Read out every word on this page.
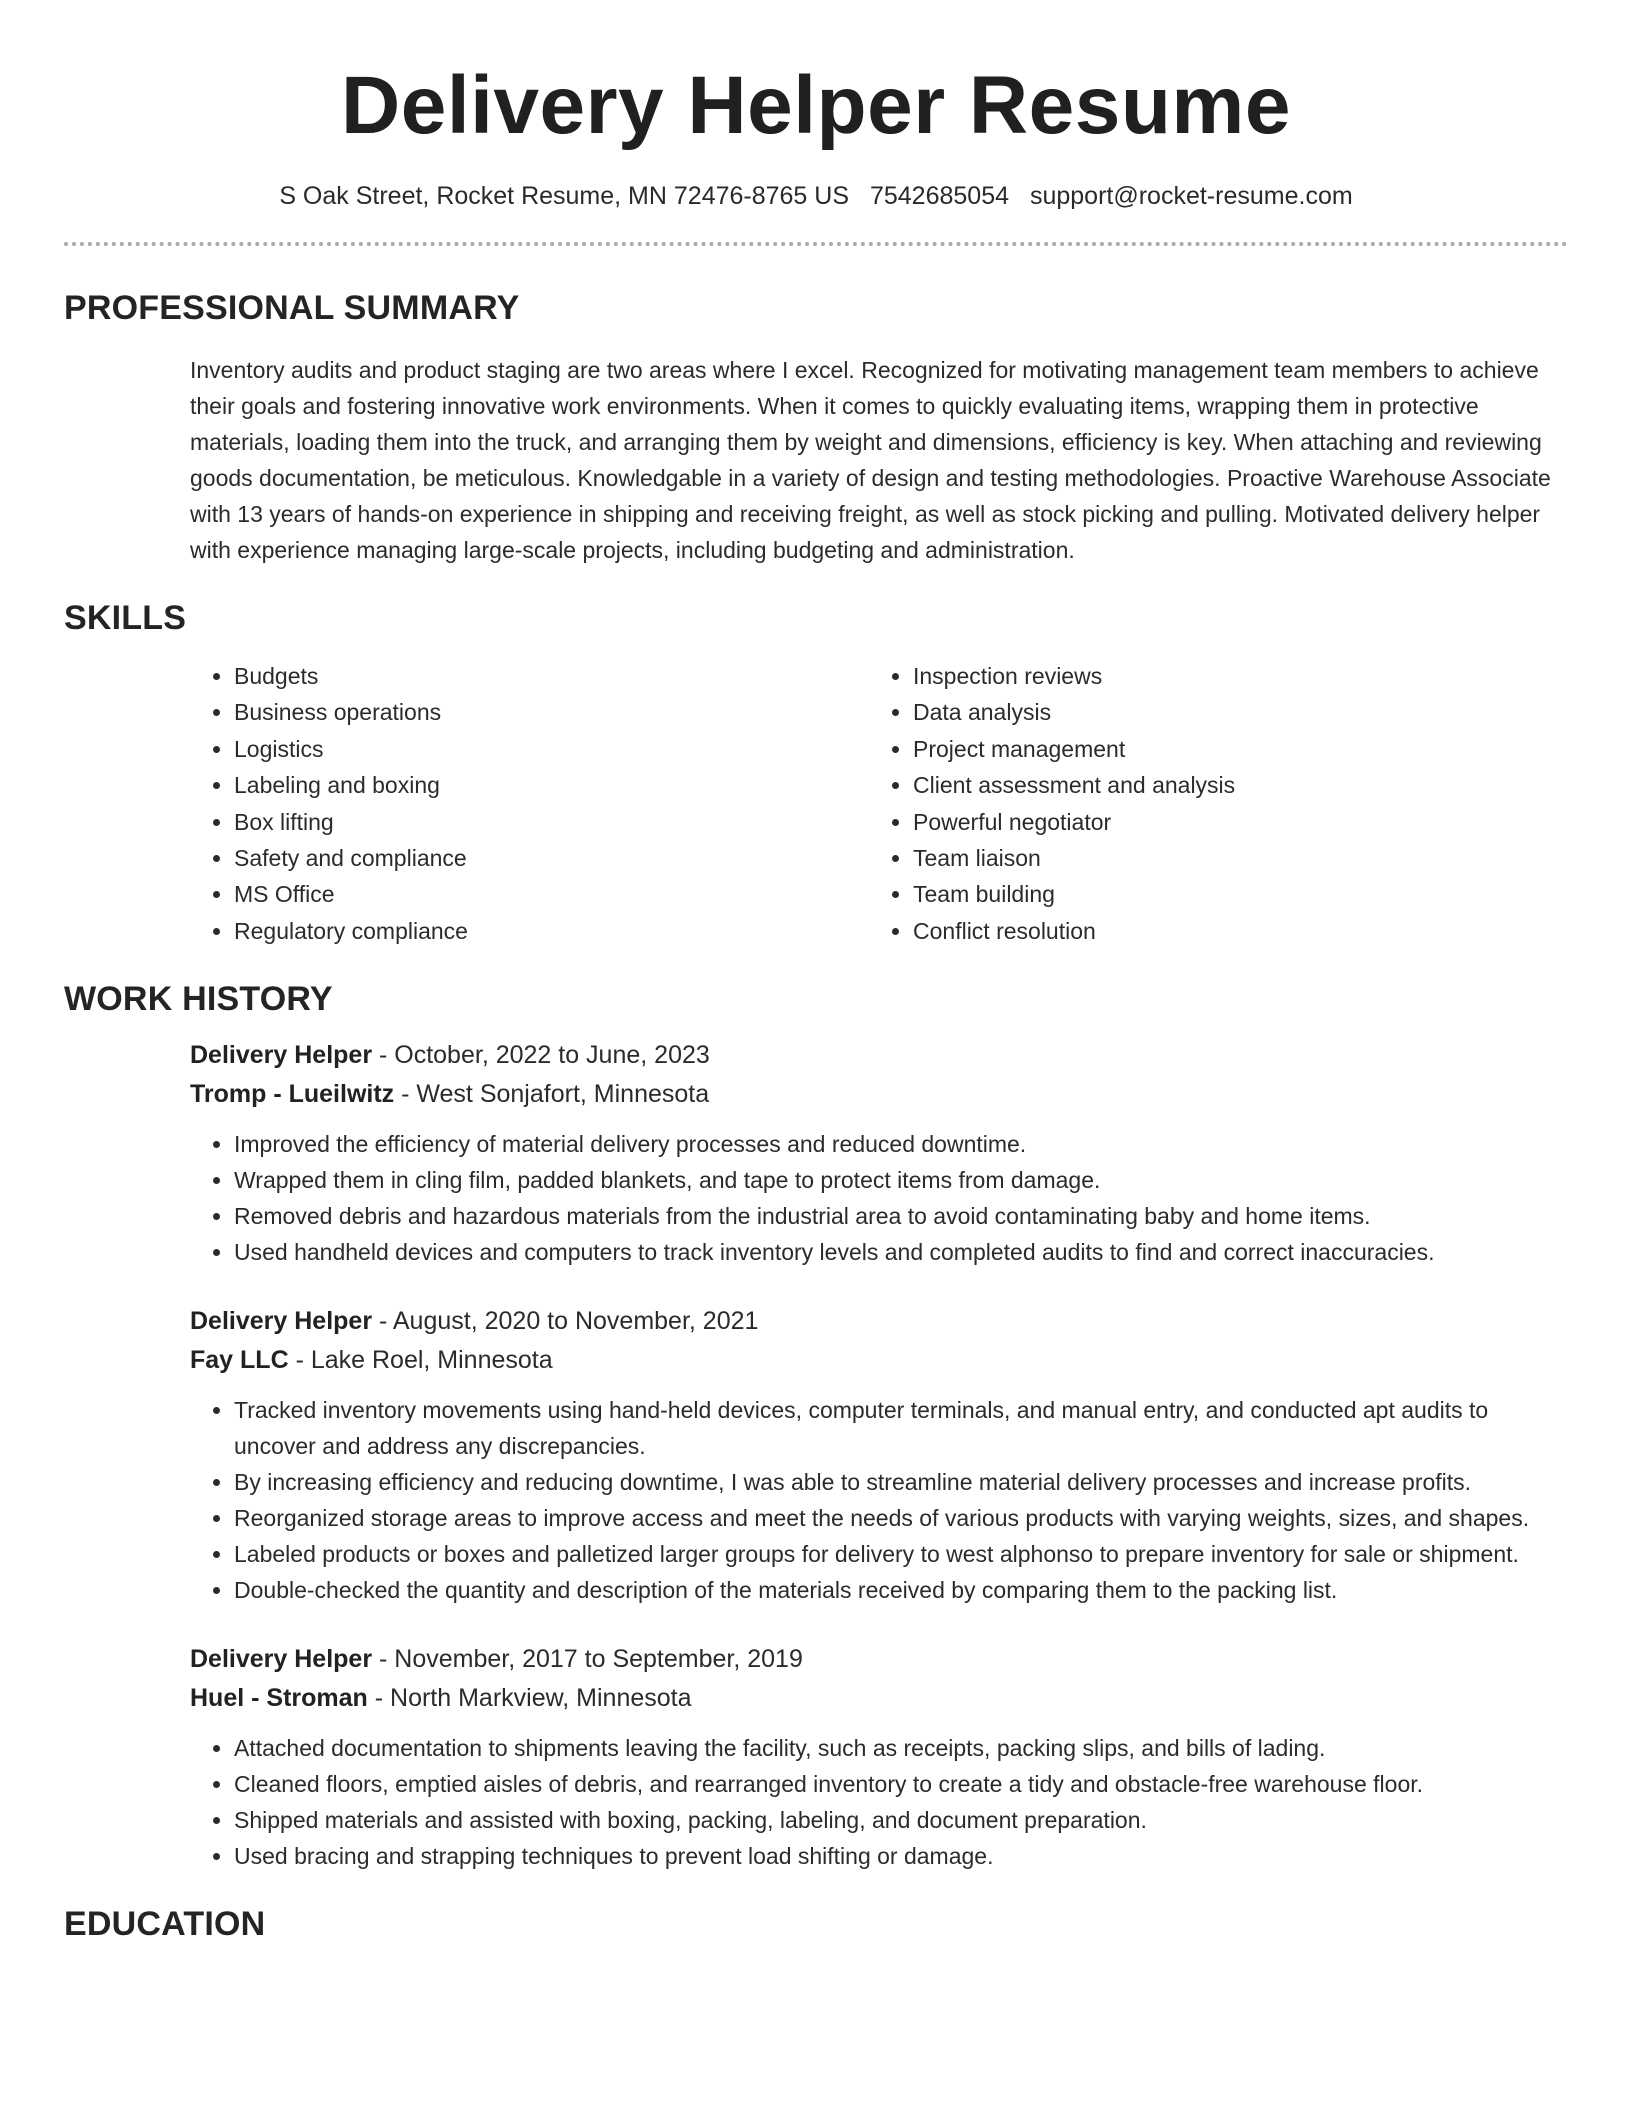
Delivery Helper Resume
S Oak Street, Rocket Resume, MN 72476-8765 US 7542685054 support@rocket-resume.com
PROFESSIONAL SUMMARY

Inventory audits and product staging are two areas where I excel. Recognized for motivating management team members to achieve their goals and fostering innovative work environments. When it comes to quickly evaluating items, wrapping them in protective materials, loading them into the truck, and arranging them by weight and dimensions, efficiency is key. When attaching and reviewing goods documentation, be meticulous. Knowledgable in a variety of design and testing methodologies. Proactive Warehouse Associate with 13 years of hands-on experience in shipping and receiving freight, as well as stock picking and pulling. Motivated delivery helper with experience managing large-scale projects, including budgeting and administration.

SKILLS
• Budgets
• Business operations
• Logistics
• Labeling and boxing
• Box lifting
• Safety and compliance
• MS Office
• Regulatory compliance
• Inspection reviews
• Data analysis
• Project management
• Client assessment and analysis
• Powerful negotiator
• Team liaison
• Team building
• Conflict resolution
WORK HISTORY
Delivery Helper - October, 2022 to June, 2023
Tromp - Lueilwitz - West Sonjafort, Minnesota
• Improved the efficiency of material delivery processes and reduced downtime.
• Wrapped them in cling film, padded blankets, and tape to protect items from damage.
• Removed debris and hazardous materials from the industrial area to avoid contaminating baby and home items.
• Used handheld devices and computers to track inventory levels and completed audits to find and correct inaccuracies.
Delivery Helper - August, 2020 to November, 2021
Fay LLC - Lake Roel, Minnesota
• Tracked inventory movements using hand-held devices, computer terminals, and manual entry, and conducted apt audits to uncover and address any discrepancies.
• By increasing efficiency and reducing downtime, I was able to streamline material delivery processes and increase profits.
• Reorganized storage areas to improve access and meet the needs of various products with varying weights, sizes, and shapes.
• Labeled products or boxes and palletized larger groups for delivery to west alphonso to prepare inventory for sale or shipment.
• Double-checked the quantity and description of the materials received by comparing them to the packing list.
Delivery Helper - November, 2017 to September, 2019
Huel - Stroman - North Markview, Minnesota
• Attached documentation to shipments leaving the facility, such as receipts, packing slips, and bills of lading.
• Cleaned floors, emptied aisles of debris, and rearranged inventory to create a tidy and obstacle-free warehouse floor.
• Shipped materials and assisted with boxing, packing, labeling, and document preparation.
• Used bracing and strapping techniques to prevent load shifting or damage.
EDUCATION
